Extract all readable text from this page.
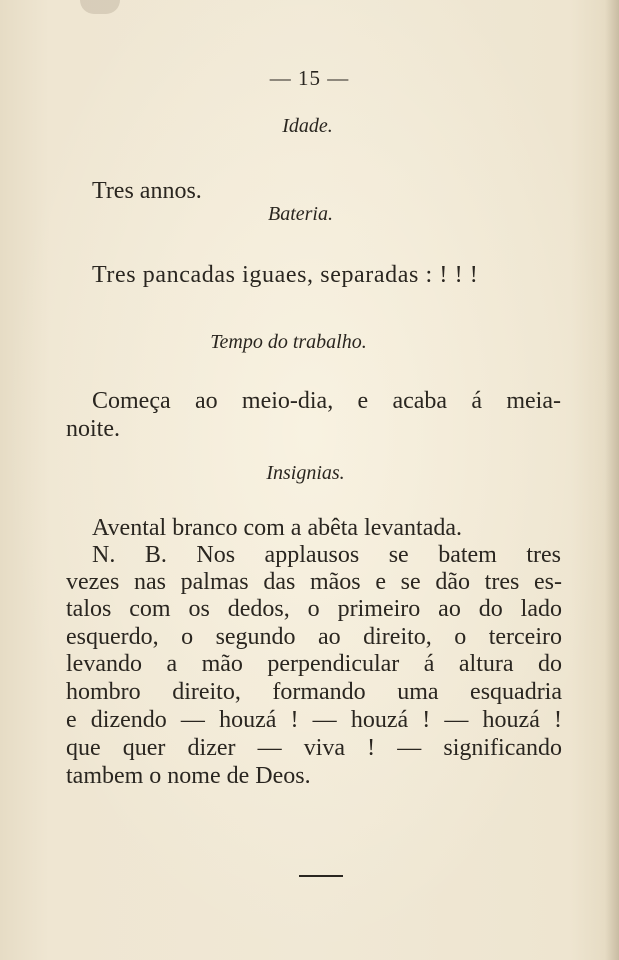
— 15 —
Idade.
Tres annos.
Bateria.
Tres pancadas iguaes, separadas : ! ! !
Tempo do trabalho.
Começa ao meio-dia, e acaba á meia-
noite.
Insignias.
Avental branco com a abêta levantada.
N. B. Nos applausos se batem tres
vezes nas palmas das mãos e se dão tres es-
talos com os dedos, o primeiro ao do lado
esquerdo, o segundo ao direito, o terceiro
levando a mão perpendicular á altura do
hombro direito, formando uma esquadria
e dizendo — houzá ! — houzá ! — houzá !
que quer dizer — viva ! — significando
tambem o nome de Deos.
